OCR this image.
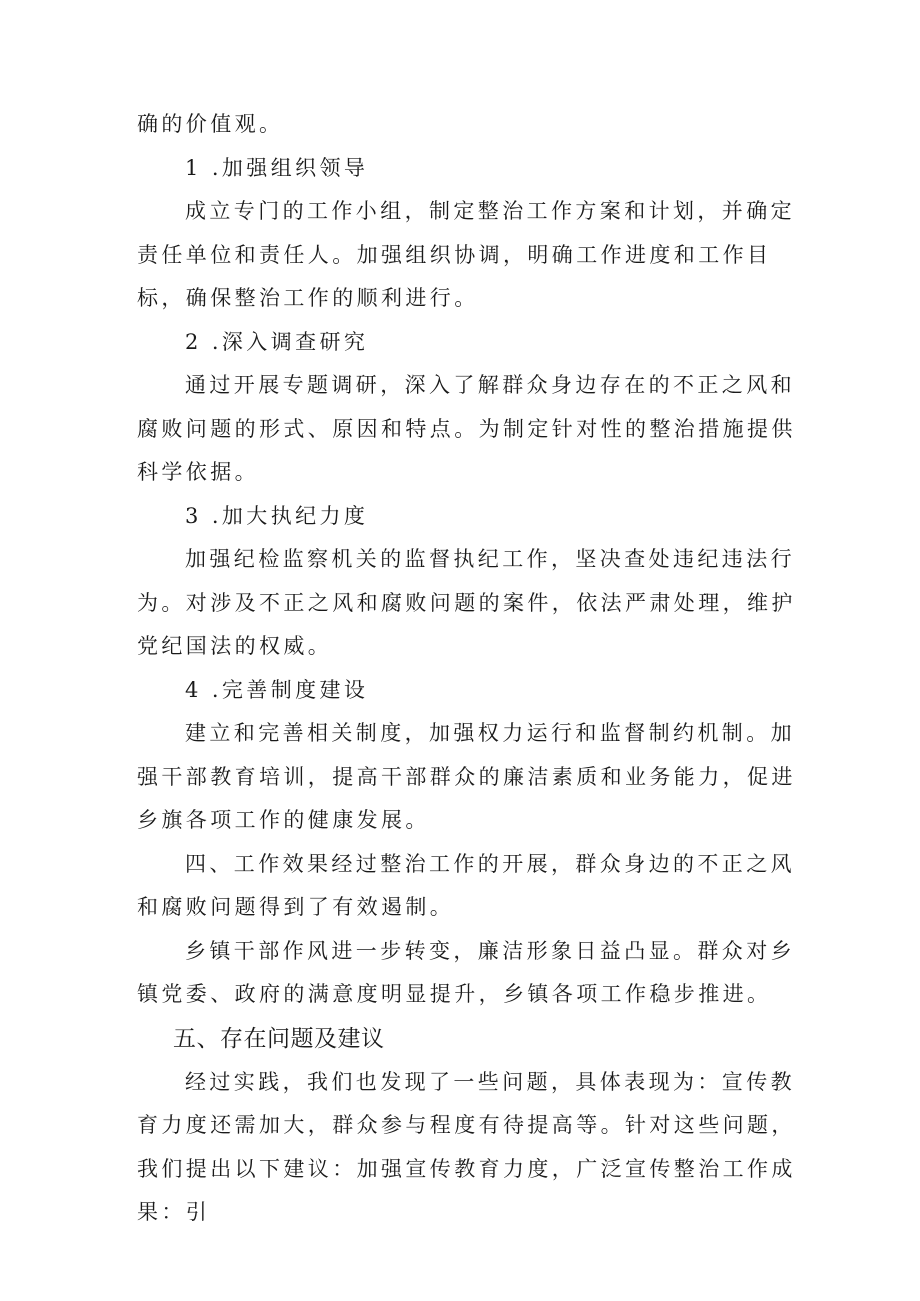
确的价值观。

1 .加强组织领导

成立专门的工作小组，制定整治工作方案和计划，并确定责任单位和责任人。加强组织协调，明确工作进度和工作目标，确保整治工作的顺利进行。

2 .深入调查研究

通过开展专题调研，深入了解群众身边存在的不正之风和腐败问题的形式、原因和特点。为制定针对性的整治措施提供科学依据。

3 .加大执纪力度

加强纪检监察机关的监督执纪工作，坚决查处违纪违法行为。对涉及不正之风和腐败问题的案件，依法严肃处理，维护党纪国法的权威。

4 .完善制度建设

建立和完善相关制度，加强权力运行和监督制约机制。加强干部教育培训，提高干部群众的廉洁素质和业务能力，促进乡旗各项工作的健康发展。

四、工作效果经过整治工作的开展，群众身边的不正之风和腐败问题得到了有效遏制。

乡镇干部作风进一步转变，廉洁形象日益凸显。群众对乡镇党委、政府的满意度明显提升，乡镇各项工作稳步推进。

五、存在问题及建议

经过实践，我们也发现了一些问题，具体表现为：宣传教育力度还需加大，群众参与程度有待提高等。针对这些问题，我们提出以下建议：加强宣传教育力度，广泛宣传整治工作成果：引
